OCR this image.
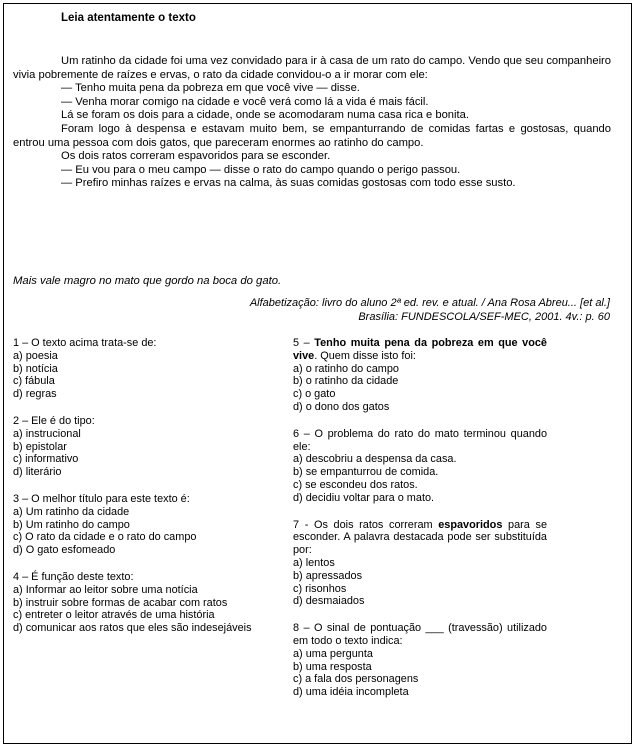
Leia atentamente o texto

Um ratinho da cidade foi uma vez convidado para ir à casa de um rato do campo. Vendo que seu companheiro vivia pobremente de raízes e ervas, o rato da cidade convidou-o a ir morar com ele:

— Tenho muita pena da pobreza em que você vive — disse.

— Venha morar comigo na cidade e você verá como lá a vida é mais fácil.

Lá se foram os dois para a cidade, onde se acomodaram numa casa rica e bonita.

Foram logo à despensa e estavam muito bem, se empanturrando de comidas fartas e gostosas, quando entrou uma pessoa com dois gatos, que pareceram enormes ao ratinho do campo.

Os dois ratos correram espavoridos para se esconder.

— Eu vou para o meu campo — disse o rato do campo quando o perigo passou.

— Prefiro minhas raízes e ervas na calma, às suas comidas gostosas com todo esse susto.

Mais vale magro no mato que gordo na boca do gato.
Alfabetização: livro do aluno 2ª ed. rev. e atual. / Ana Rosa Abreu... [et al.]
Brasília: FUNDESCOLA/SEF-MEC, 2001. 4v.: p. 60
1 – O texto acima trata-se de:
a) poesia
b) notícia
c) fábula
d) regras
2 – Ele é do tipo:
a) instrucional
b) epistolar
c) informativo
d) literário
3 – O melhor título para este texto é:
a) Um ratinho da cidade
b) Um ratinho do campo
c) O rato da cidade e o rato do campo
d) O gato esfomeado
4 – É função deste texto:
a) Informar ao leitor sobre uma notícia
b) instruir sobre formas de acabar com ratos
c) entreter o leitor através de uma história
d) comunicar aos ratos que eles são indesejáveis
5 – Tenho muita pena da pobreza em que você vive. Quem disse isto foi:
a) o ratinho do campo
b) o ratinho da cidade
c) o gato
d) o dono dos gatos
6 – O problema do rato do mato terminou quando ele:
a) descobriu a despensa da casa.
b) se empanturrou de comida.
c) se escondeu dos ratos.
d) decidiu voltar para o mato.
7 - Os dois ratos correram espavoridos para se esconder. A palavra destacada pode ser substituída por:
a) lentos
b) apressados
c) risonhos
d) desmaiados
8 – O sinal de pontuação ___ (travessão) utilizado em todo o texto indica:
a) uma pergunta
b) uma resposta
c) a fala dos personagens
d) uma idéia incompleta
